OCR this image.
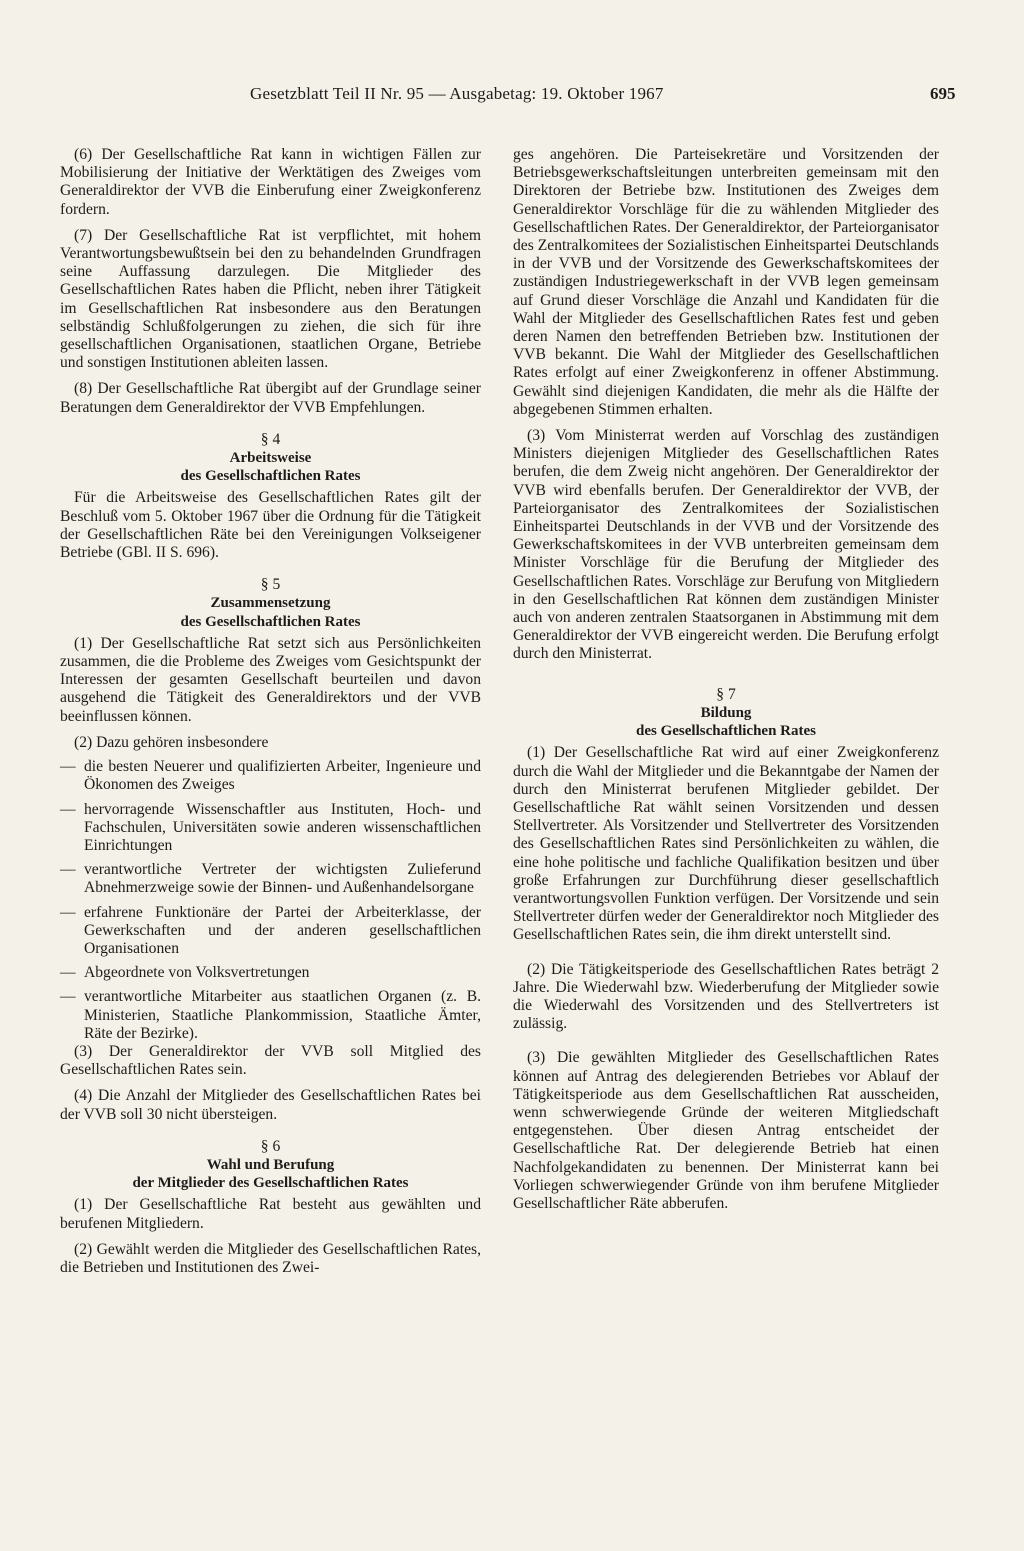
Gesetzblatt Teil II Nr. 95 — Ausgabetag: 19. Oktober 1967	695

(6) Der Gesellschaftliche Rat kann in wichtigen Fällen zur Mobilisierung der Initiative der Werktätigen des Zweiges vom Generaldirektor der VVB die Einberufung einer Zweigkonferenz fordern.

(7) Der Gesellschaftliche Rat ist verpflichtet, mit hohem Verantwortungsbewußtsein bei den zu behandelnden Grundfragen seine Auffassung darzulegen. Die Mitglieder des Gesellschaftlichen Rates haben die Pflicht, neben ihrer Tätigkeit im Gesellschaftlichen Rat insbesondere aus den Beratungen selbständig Schlußfolgerungen zu ziehen, die sich für ihre gesellschaftlichen Organisationen, staatlichen Organe, Betriebe und sonstigen Institutionen ableiten lassen.

(8) Der Gesellschaftliche Rat übergibt auf der Grundlage seiner Beratungen dem Generaldirektor der VVB Empfehlungen.

§ 4
Arbeitsweise
des Gesellschaftlichen Rates

Für die Arbeitsweise des Gesellschaftlichen Rates gilt der Beschluß vom 5. Oktober 1967 über die Ordnung für die Tätigkeit der Gesellschaftlichen Räte bei den Vereinigungen Volkseigener Betriebe (GBl. II S. 696).

§ 5
Zusammensetzung
des Gesellschaftlichen Rates

(1) Der Gesellschaftliche Rat setzt sich aus Persönlichkeiten zusammen, die die Probleme des Zweiges vom Gesichtspunkt der Interessen der gesamten Gesellschaft beurteilen und davon ausgehend die Tätigkeit des Generaldirektors und der VVB beeinflussen können.

(2) Dazu gehören insbesondere

— die besten Neuerer und qualifizierten Arbeiter, Ingenieure und Ökonomen des Zweiges
— hervorragende Wissenschaftler aus Instituten, Hoch- und Fachschulen, Universitäten sowie anderen wissenschaftlichen Einrichtungen
— verantwortliche Vertreter der wichtigsten Zulieferund Abnehmerzweige sowie der Binnen- und Außenhandelsorgane
— erfahrene Funktionäre der Partei der Arbeiterklasse, der Gewerkschaften und der anderen gesellschaftlichen Organisationen
— Abgeordnete von Volksvertretungen
— verantwortliche Mitarbeiter aus staatlichen Organen (z. B. Ministerien, Staatliche Plankommission, Staatliche Ämter, Räte der Bezirke).

(3) Der Generaldirektor der VVB soll Mitglied des Gesellschaftlichen Rates sein.

(4) Die Anzahl der Mitglieder des Gesellschaftlichen Rates bei der VVB soll 30 nicht übersteigen.

§ 6
Wahl und Berufung
der Mitglieder des Gesellschaftlichen Rates

(1) Der Gesellschaftliche Rat besteht aus gewählten und berufenen Mitgliedern.

(2) Gewählt werden die Mitglieder des Gesellschaftlichen Rates, die Betrieben und Institutionen des Zwei-

ges angehören. Die Parteisekretäre und Vorsitzenden der Betriebsgewerkschaftsleitungen unterbreiten gemeinsam mit den Direktoren der Betriebe bzw. Institutionen des Zweiges dem Generaldirektor Vorschläge für die zu wählenden Mitglieder des Gesellschaftlichen Rates. Der Generaldirektor, der Parteiorganisator des Zentralkomitees der Sozialistischen Einheitspartei Deutschlands in der VVB und der Vorsitzende des Gewerkschaftskomitees der zuständigen Industriegewerkschaft in der VVB legen gemeinsam auf Grund dieser Vorschläge die Anzahl und Kandidaten für die Wahl der Mitglieder des Gesellschaftlichen Rates fest und geben deren Namen den betreffenden Betrieben bzw. Institutionen der VVB bekannt. Die Wahl der Mitglieder des Gesellschaftlichen Rates erfolgt auf einer Zweigkonferenz in offener Abstimmung. Gewählt sind diejenigen Kandidaten, die mehr als die Hälfte der abgegebenen Stimmen erhalten.

(3) Vom Ministerrat werden auf Vorschlag des zuständigen Ministers diejenigen Mitglieder des Gesellschaftlichen Rates berufen, die dem Zweig nicht angehören. Der Generaldirektor der VVB wird ebenfalls berufen. Der Generaldirektor der VVB, der Parteiorganisator des Zentralkomitees der Sozialistischen Einheitspartei Deutschlands in der VVB und der Vorsitzende des Gewerkschaftskomitees in der VVB unterbreiten gemeinsam dem Minister Vorschläge für die Berufung der Mitglieder des Gesellschaftlichen Rates. Vorschläge zur Berufung von Mitgliedern in den Gesellschaftlichen Rat können dem zuständigen Minister auch von anderen zentralen Staatsorganen in Abstimmung mit dem Generaldirektor der VVB eingereicht werden. Die Berufung erfolgt durch den Ministerrat.

§ 7
Bildung
des Gesellschaftlichen Rates

(1) Der Gesellschaftliche Rat wird auf einer Zweigkonferenz durch die Wahl der Mitglieder und die Bekanntgabe der Namen der durch den Ministerrat berufenen Mitglieder gebildet. Der Gesellschaftliche Rat wählt seinen Vorsitzenden und dessen Stellvertreter. Als Vorsitzender und Stellvertreter des Vorsitzenden des Gesellschaftlichen Rates sind Persönlichkeiten zu wählen, die eine hohe politische und fachliche Qualifikation besitzen und über große Erfahrungen zur Durchführung dieser gesellschaftlich verantwortungsvollen Funktion verfügen. Der Vorsitzende und sein Stellvertreter dürfen weder der Generaldirektor noch Mitglieder des Gesellschaftlichen Rates sein, die ihm direkt unterstellt sind.

(2) Die Tätigkeitsperiode des Gesellschaftlichen Rates beträgt 2 Jahre. Die Wiederwahl bzw. Wiederberufung der Mitglieder sowie die Wiederwahl des Vorsitzenden und des Stellvertreters ist zulässig.

(3) Die gewählten Mitglieder des Gesellschaftlichen Rates können auf Antrag des delegierenden Betriebes vor Ablauf der Tätigkeitsperiode aus dem Gesellschaftlichen Rat ausscheiden, wenn schwerwiegende Gründe der weiteren Mitgliedschaft entgegenstehen. Über diesen Antrag entscheidet der Gesellschaftliche Rat. Der delegierende Betrieb hat einen Nachfolgekandidaten zu benennen. Der Ministerrat kann bei Vorliegen schwerwiegender Gründe von ihm berufene Mitglieder Gesellschaftlicher Räte abberufen.
